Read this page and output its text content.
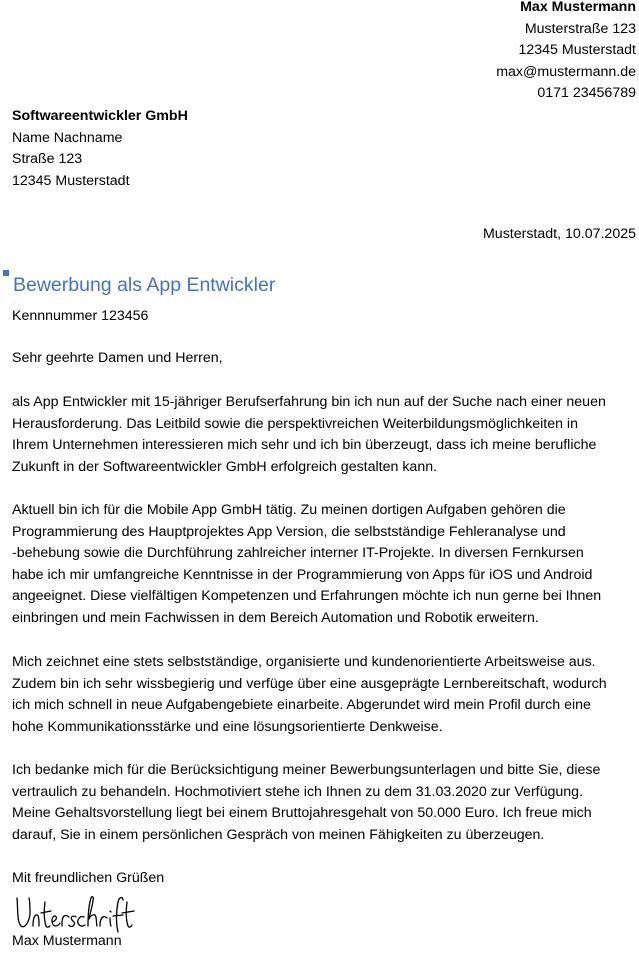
Max Mustermann
Musterstraße 123
12345 Musterstadt
max@mustermann.de
0171 23456789
Softwareentwickler GmbH
Name Nachname
Straße 123
12345 Musterstadt
Musterstadt, 10.07.2025
Bewerbung als App Entwickler
Kennnummer 123456
Sehr geehrte Damen und Herren,
als App Entwickler mit 15-jähriger Berufserfahrung bin ich nun auf der Suche nach einer neuen
Herausforderung. Das Leitbild sowie die perspektivreichen Weiterbildungsmöglichkeiten in
Ihrem Unternehmen interessieren mich sehr und ich bin überzeugt, dass ich meine berufliche
Zukunft in der Softwareentwickler GmbH erfolgreich gestalten kann.
Aktuell bin ich für die Mobile App GmbH tätig. Zu meinen dortigen Aufgaben gehören die
Programmierung des Hauptprojektes App Version, die selbstständige Fehleranalyse und
-behebung sowie die Durchführung zahlreicher interner IT-Projekte. In diversen Fernkursen
habe ich mir umfangreiche Kenntnisse in der Programmierung von Apps für iOS und Android
angeeignet. Diese vielfältigen Kompetenzen und Erfahrungen möchte ich nun gerne bei Ihnen
einbringen und mein Fachwissen in dem Bereich Automation und Robotik erweitern.
Mich zeichnet eine stets selbstständige, organisierte und kundenorientierte Arbeitsweise aus.
Zudem bin ich sehr wissbegierig und verfüge über eine ausgeprägte Lernbereitschaft, wodurch
ich mich schnell in neue Aufgabengebiete einarbeite. Abgerundet wird mein Profil durch eine
hohe Kommunikationsstärke und eine lösungsorientierte Denkweise.
Ich bedanke mich für die Berücksichtigung meiner Bewerbungsunterlagen und bitte Sie, diese
vertraulich zu behandeln. Hochmotiviert stehe ich Ihnen zu dem 31.03.2020 zur Verfügung.
Meine Gehaltsvorstellung liegt bei einem Bruttojahresgehalt von 50.000 Euro. Ich freue mich
darauf, Sie in einem persönlichen Gespräch von meinen Fähigkeiten zu überzeugen.
Mit freundlichen Grüßen
Max Mustermann
